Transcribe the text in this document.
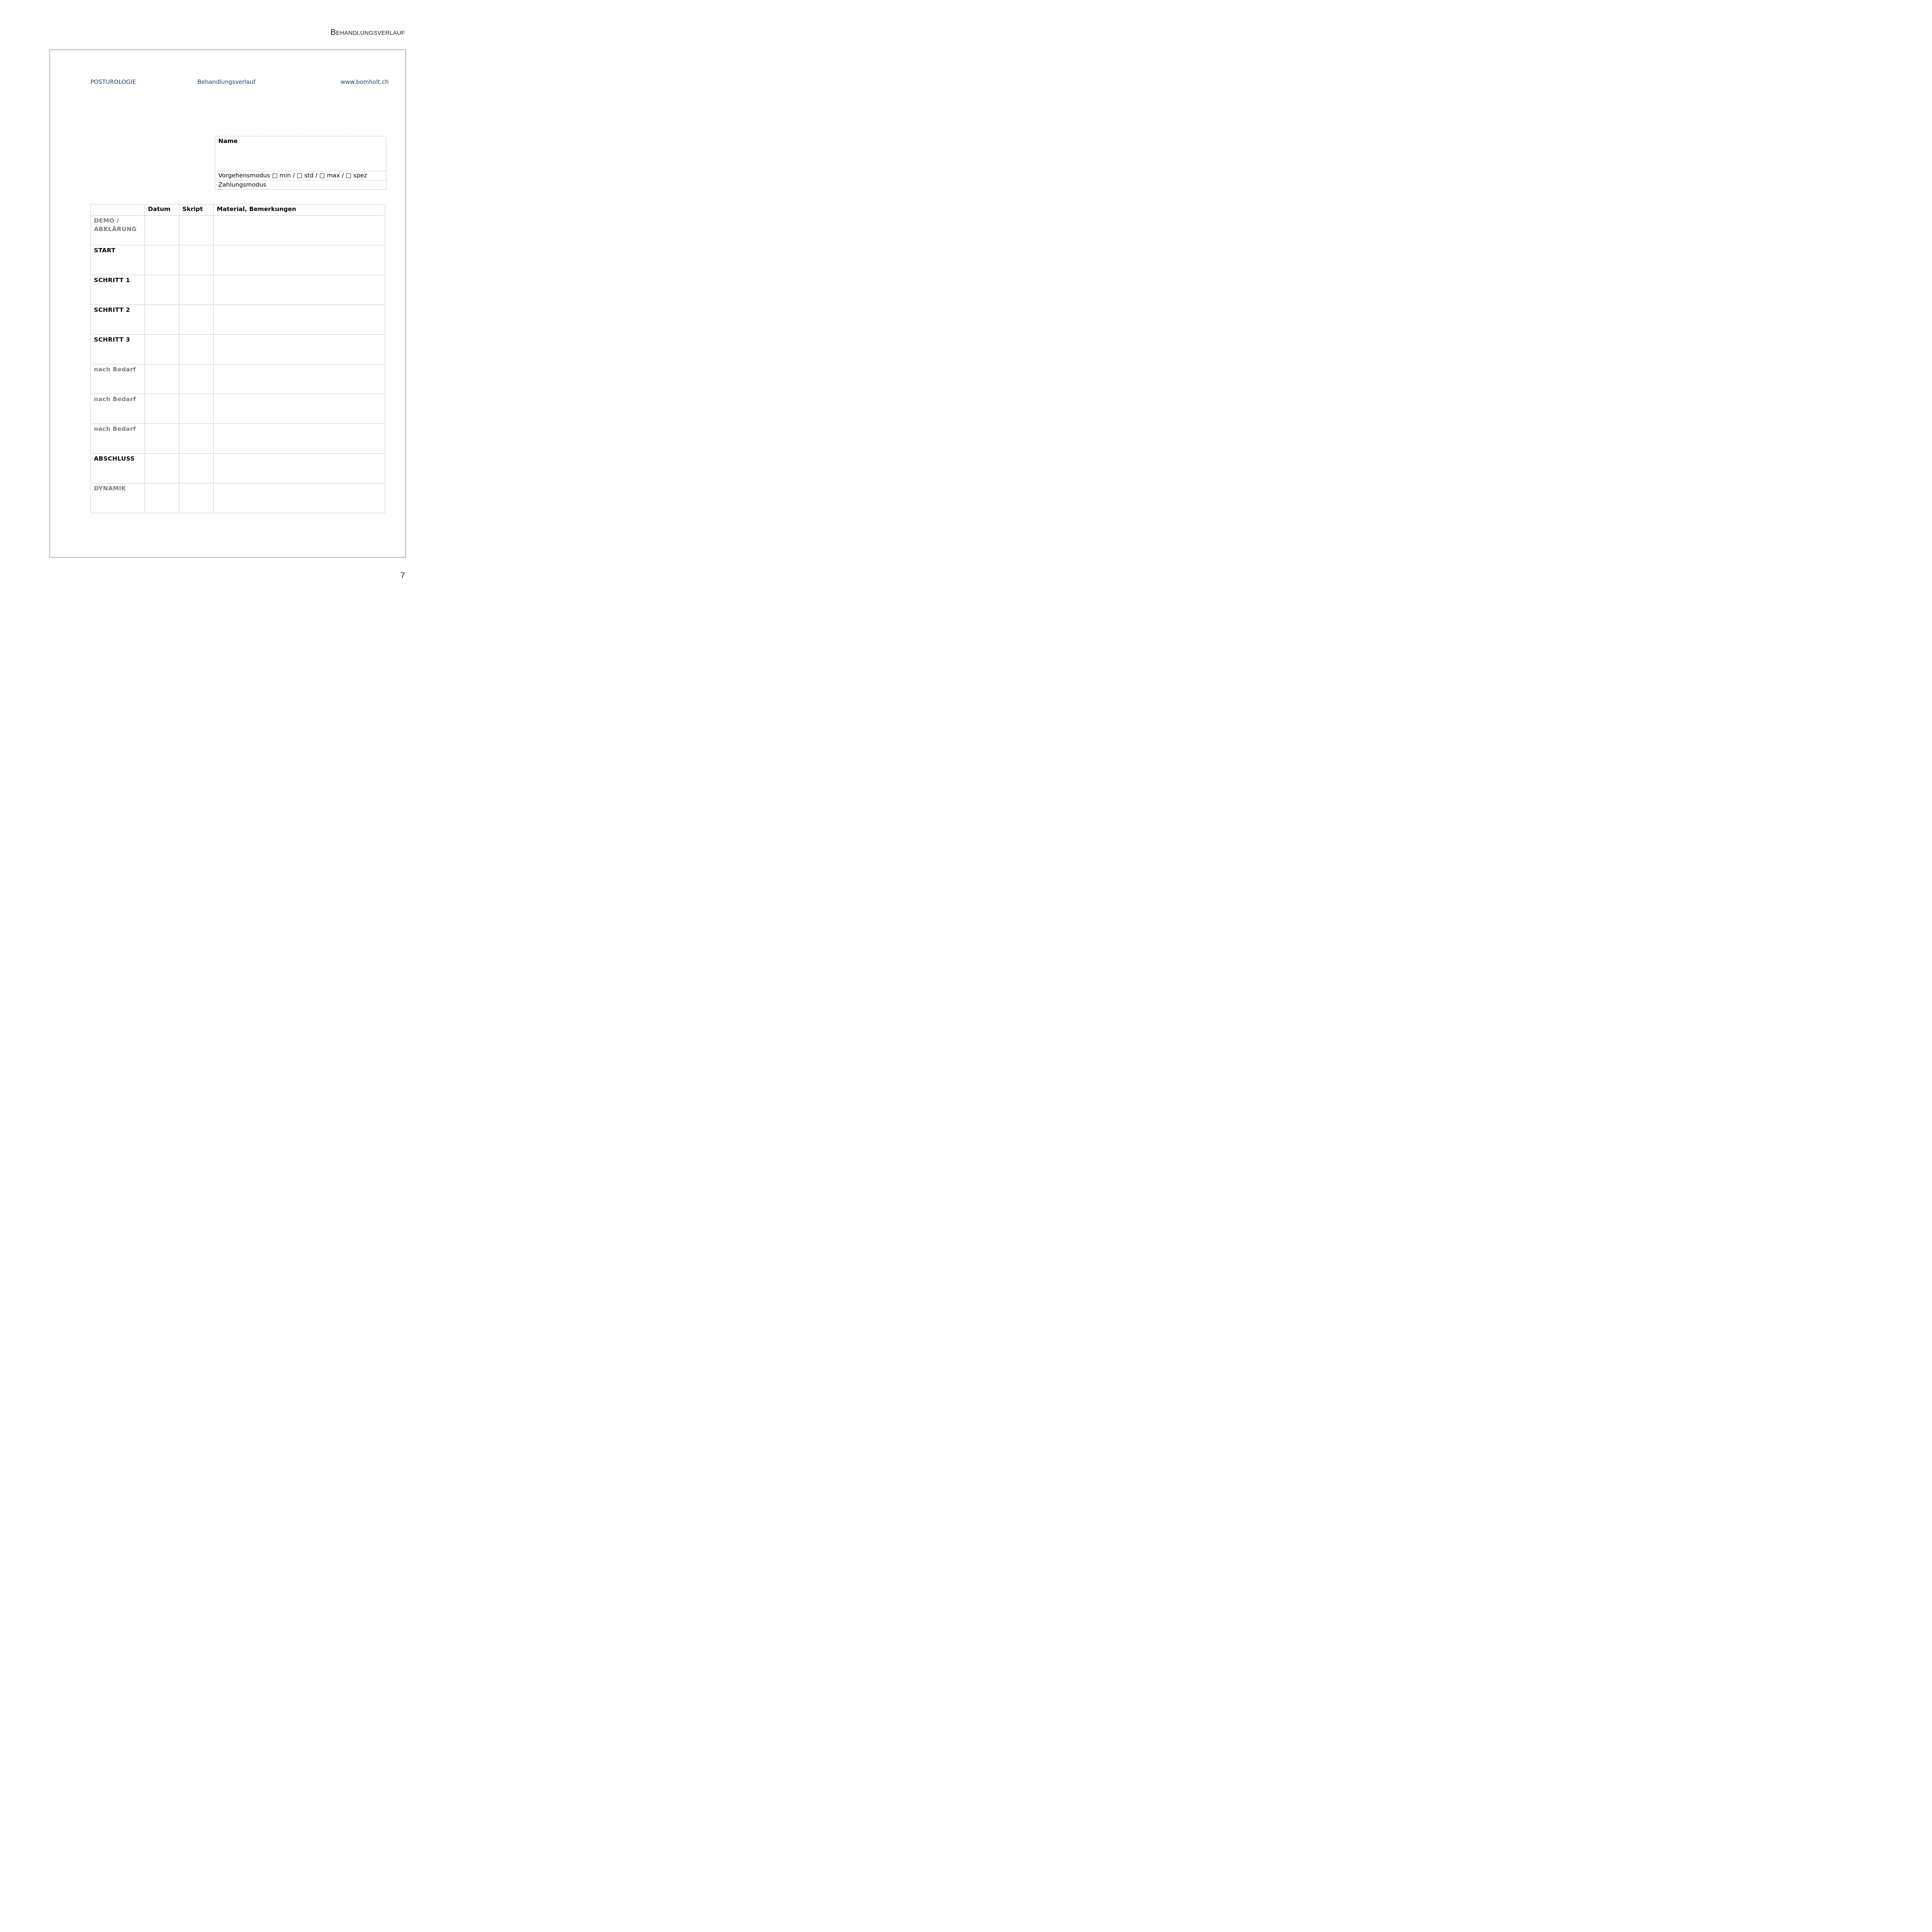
Behandlungsverlauf
POSTUROLOGIE	Behandlungsverlauf	www.bomholt.ch
Name
Vorgehensmodus □ min / □ std / □ max / □ spez
Zahlungsmodus
	Datum	Skript	Material, Bemerkungen
DEMO / ABKLÄRUNG			
START			
SCHRITT 1			
SCHRITT 2			
SCHRITT 3			
nach Bedarf			
nach Bedarf			
nach Bedarf			
ABSCHLUSS			
DYNAMIK			
7
